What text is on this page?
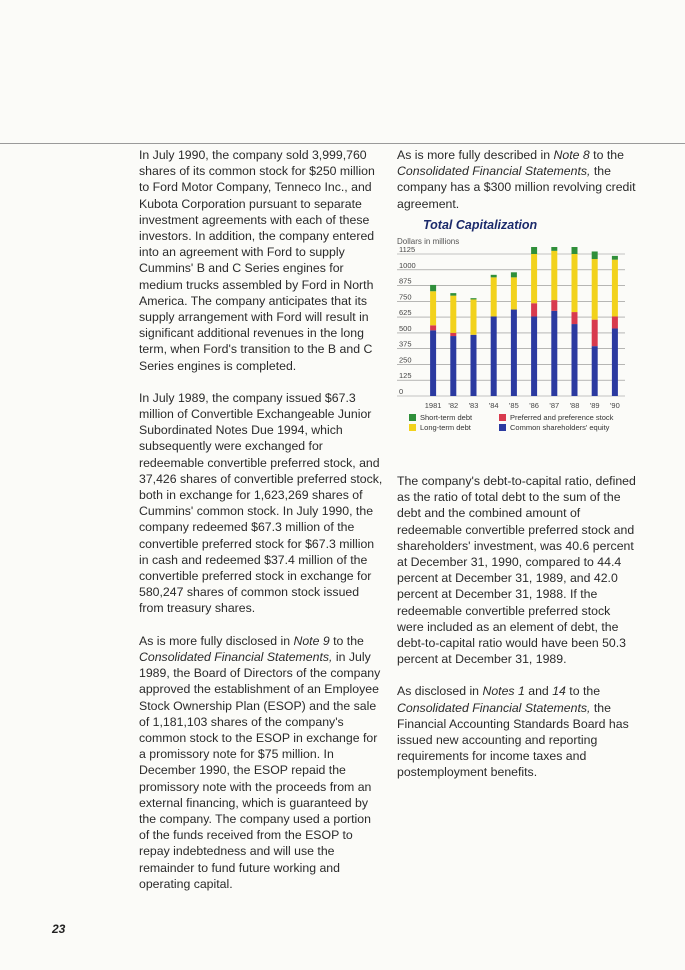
In July 1990, the company sold 3,999,760 shares of its common stock for $250 million to Ford Motor Company, Tenneco Inc., and Kubota Corporation pursuant to separate investment agreements with each of these investors. In addition, the company entered into an agreement with Ford to supply Cummins' B and C Series engines for medium trucks assembled by Ford in North America. The company anticipates that its supply arrangement with Ford will result in significant additional revenues in the long term, when Ford's transition to the B and C Series engines is completed.

In July 1989, the company issued $67.3 million of Convertible Exchangeable Junior Subordinated Notes Due 1994, which subsequently were exchanged for redeemable convertible preferred stock, and 37,426 shares of convertible preferred stock, both in exchange for 1,623,269 shares of Cummins' common stock. In July 1990, the company redeemed $67.3 million of the convertible preferred stock for $67.3 million in cash and redeemed $37.4 million of the convertible preferred stock in exchange for 580,247 shares of common stock issued from treasury shares.

As is more fully disclosed in Note 9 to the Consolidated Financial Statements, in July 1989, the Board of Directors of the company approved the establishment of an Employee Stock Ownership Plan (ESOP) and the sale of 1,181,103 shares of the company's common stock to the ESOP in exchange for a promissory note for $75 million. In December 1990, the ESOP repaid the promissory note with the proceeds from an external financing, which is guaranteed by the company. The company used a portion of the funds received from the ESOP to repay indebtedness and will use the remainder to fund future working and operating capital.

As is more fully described in Note 8 to the Consolidated Financial Statements, the company has a $300 million revolving credit agreement.

Total Capitalization
Dollars in millions
0
125
250
375
500
625
750
875
1000
1125
1981 '82 '83 '84 '85 '86 '87 '88 '89 '90
Short-term debt	Preferred and preference stock
Long-term debt	Common shareholders' equity

The company's debt-to-capital ratio, defined as the ratio of total debt to the sum of the debt and the combined amount of redeemable convertible preferred stock and shareholders' investment, was 40.6 percent at December 31, 1990, compared to 44.4 percent at December 31, 1989, and 42.0 percent at December 31, 1988. If the redeemable convertible preferred stock were included as an element of debt, the debt-to-capital ratio would have been 50.3 percent at December 31, 1989.

As disclosed in Notes 1 and 14 to the Consolidated Financial Statements, the Financial Accounting Standards Board has issued new accounting and reporting requirements for income taxes and postemployment benefits.

23
